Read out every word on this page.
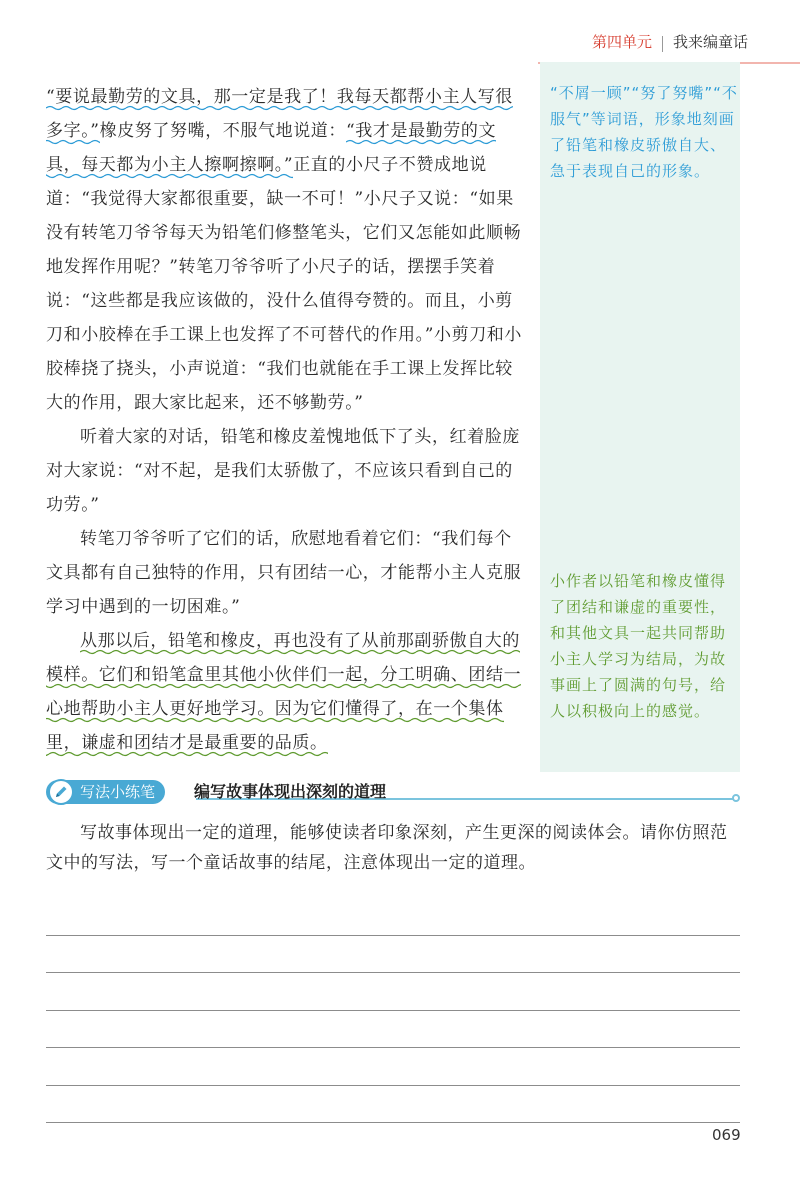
第四单元 我来编童话
“不屑一顾”“努了努嘴”“不服气”等词语，形象地刻画了铅笔和橡皮骄傲自大、急于表现自己的形象。
小作者以铅笔和橡皮懂得了团结和谦虚的重要性，和其他文具一起共同帮助小主人学习为结局，为故事画上了圆满的句号，给人以积极向上的感觉。

“要说最勤劳的文具，那一定是我了！我每天都帮小主人写很多字。”橡皮努了努嘴，不服气地说道：“我才是最勤劳的文具，每天都为小主人擦啊擦啊。”正直的小尺子不赞成地说道：“我觉得大家都很重要，缺一不可！”小尺子又说：“如果没有转笔刀爷爷每天为铅笔们修整笔头，它们又怎能如此顺畅地发挥作用呢？”转笔刀爷爷听了小尺子的话，摆摆手笑着说：“这些都是我应该做的，没什么值得夸赞的。而且，小剪刀和小胶棒在手工课上也发挥了不可替代的作用。”小剪刀和小胶棒挠了挠头，小声说道：“我们也就能在手工课上发挥比较大的作用，跟大家比起来，还不够勤劳。”

听着大家的对话，铅笔和橡皮羞愧地低下了头，红着脸庞对大家说：“对不起，是我们太骄傲了，不应该只看到自己的功劳。”

转笔刀爷爷听了它们的话，欣慰地看着它们：“我们每个文具都有自己独特的作用，只有团结一心，才能帮小主人克服学习中遇到的一切困难。”

从那以后，铅笔和橡皮，再也没有了从前那副骄傲自大的模样。它们和铅笔盒里其他小伙伴们一起，分工明确、团结一心地帮助小主人更好地学习。因为它们懂得了，在一个集体里，谦虚和团结才是最重要的品质。

写法小练笔	编写故事体现出深刻的道理
写故事体现出一定的道理，能够使读者印象深刻，产生更深的阅读体会。请你仿照范文中的写法，写一个童话故事的结尾，注意体现出一定的道理。
069
